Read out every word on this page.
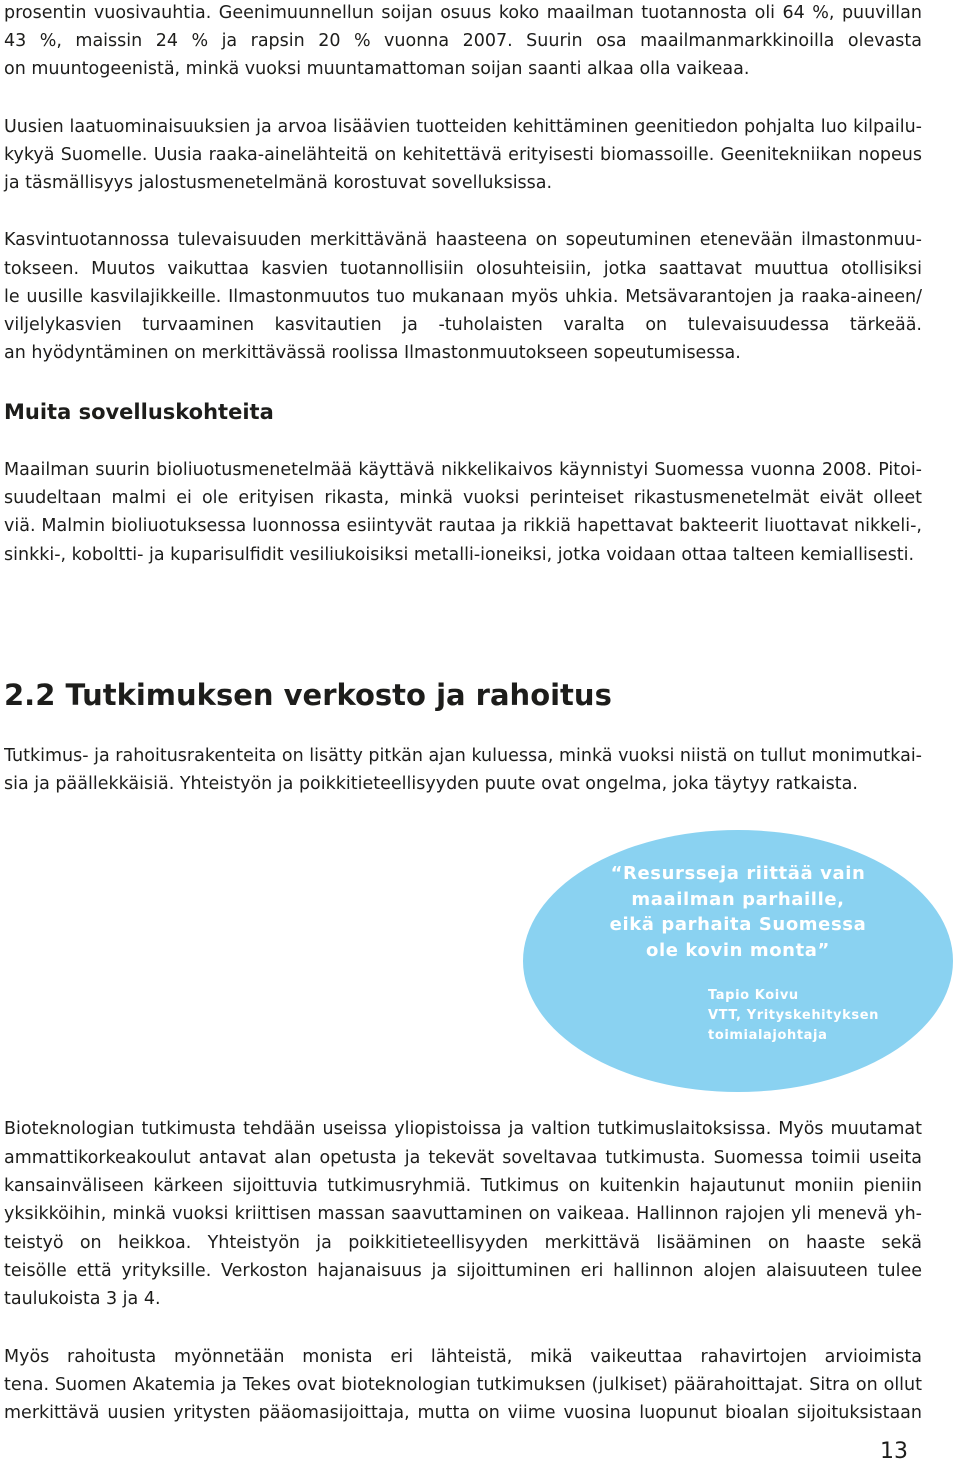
prosentin vuosivauhtia. Geenimuunnellun soijan osuus koko maailman tuotannosta oli 64 %, puuvillan
43 %, maissin 24 % ja rapsin 20 % vuonna 2007. Suurin osa maailmanmarkkinoilla olevasta
on muuntogeenistä, minkä vuoksi muuntamattoman soijan saanti alkaa olla vaikeaa.
Uusien laatuominaisuuksien ja arvoa lisäävien tuotteiden kehittäminen geenitiedon pohjalta luo kilpailu-
kykyä Suomelle. Uusia raaka-ainelähteitä on kehitettävä erityisesti biomassoille. Geenitekniikan nopeus
ja täsmällisyys jalostusmenetelmänä korostuvat sovelluksissa.
Kasvintuotannossa tulevaisuuden merkittävänä haasteena on sopeutuminen etenevään ilmastonmuu-
tokseen. Muutos vaikuttaa kasvien tuotannollisiin olosuhteisiin, jotka saattavat muuttua otollisiksi
le uusille kasvilajikkeille. Ilmastonmuutos tuo mukanaan myös uhkia. Metsävarantojen ja raaka-aineen/
viljelykasvien turvaaminen kasvitautien ja -tuholaisten varalta on tulevaisuudessa tärkeää.
an hyödyntäminen on merkittävässä roolissa Ilmastonmuutokseen sopeutumisessa.
Muita sovelluskohteita
Maailman suurin bioliuotusmenetelmää käyttävä nikkelikaivos käynnistyi Suomessa vuonna 2008. Pitoi-
suudeltaan malmi ei ole erityisen rikasta, minkä vuoksi perinteiset rikastusmenetelmät eivät olleet
viä. Malmin bioliuotuksessa luonnossa esiintyvät rautaa ja rikkiä hapettavat bakteerit liuottavat nikkeli-,
sinkki-, koboltti- ja kuparisulfidit vesiliukoisiksi metalli-ioneiksi, jotka voidaan ottaa talteen kemiallisesti.
2.2 Tutkimuksen verkosto ja rahoitus
Tutkimus- ja rahoitusrakenteita on lisätty pitkän ajan kuluessa, minkä vuoksi niistä on tullut monimutkai-
sia ja päällekkäisiä. Yhteistyön ja poikkitieteellisyyden puute ovat ongelma, joka täytyy ratkaista.
“Resursseja riittää vain
maailman parhaille,
eikä parhaita Suomessa
ole kovin monta”
Tapio Koivu
VTT, Yrityskehityksen
toimialajohtaja
Bioteknologian tutkimusta tehdään useissa yliopistoissa ja valtion tutkimuslaitoksissa. Myös muutamat
ammattikorkeakoulut antavat alan opetusta ja tekevät soveltavaa tutkimusta. Suomessa toimii useita
kansainväliseen kärkeen sijoittuvia tutkimusryhmiä. Tutkimus on kuitenkin hajautunut moniin pieniin
yksikköihin, minkä vuoksi kriittisen massan saavuttaminen on vaikeaa. Hallinnon rajojen yli menevä yh-
teistyö on heikkoa. Yhteistyön ja poikkitieteellisyyden merkittävä lisääminen on haaste sekä
teisölle että yrityksille. Verkoston hajanaisuus ja sijoittuminen eri hallinnon alojen alaisuuteen tulee
taulukoista 3 ja 4.
Myös rahoitusta myönnetään monista eri lähteistä, mikä vaikeuttaa rahavirtojen arvioimista
tena. Suomen Akatemia ja Tekes ovat bioteknologian tutkimuksen (julkiset) päärahoittajat. Sitra on ollut
merkittävä uusien yritysten pääomasijoittaja, mutta on viime vuosina luopunut bioalan sijoituksistaan
13
